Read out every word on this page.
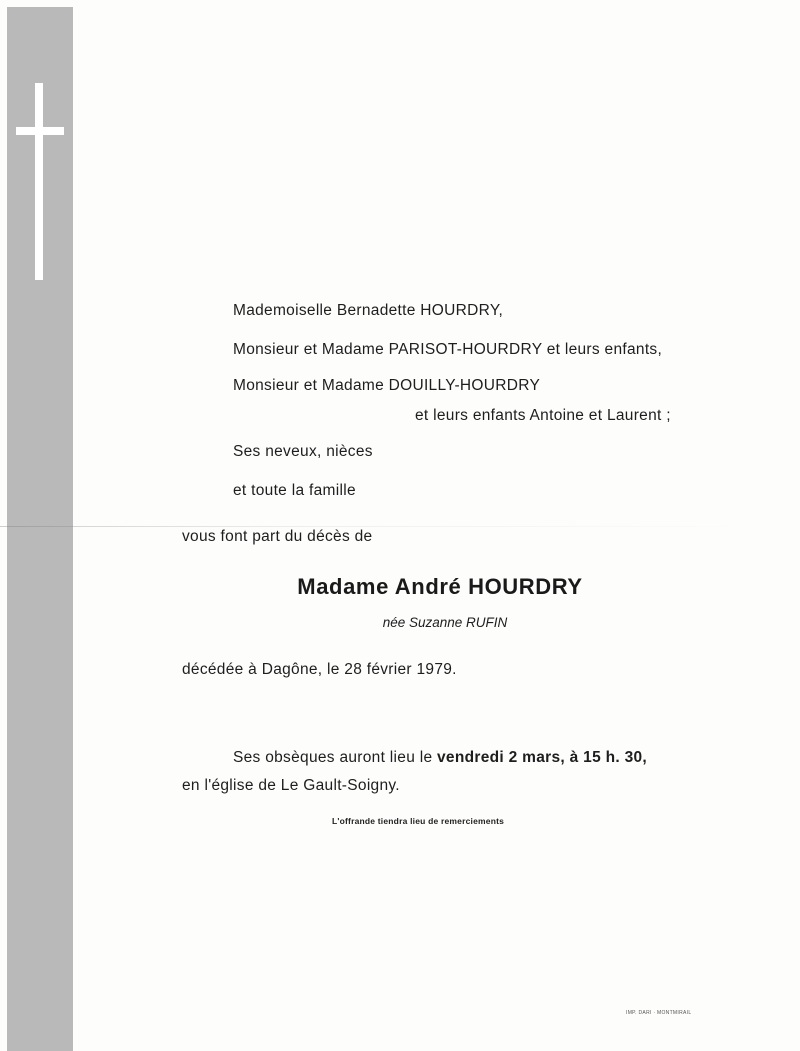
Mademoiselle Bernadette HOURDRY,
Monsieur et Madame PARISOT-HOURDRY et leurs enfants,
Monsieur et Madame DOUILLY-HOURDRY
et leurs enfants Antoine et Laurent ;
Ses neveux, nièces
et toute la famille
vous font part du décès de
Madame André HOURDRY
née Suzanne RUFIN
décédée à Dagône, le 28 février 1979.
Ses obsèques auront lieu le vendredi 2 mars, à 15 h. 30,
en l'église de Le Gault-Soigny.
L'offrande tiendra lieu de remerciements
IMP. DARI · MONTMIRAIL
